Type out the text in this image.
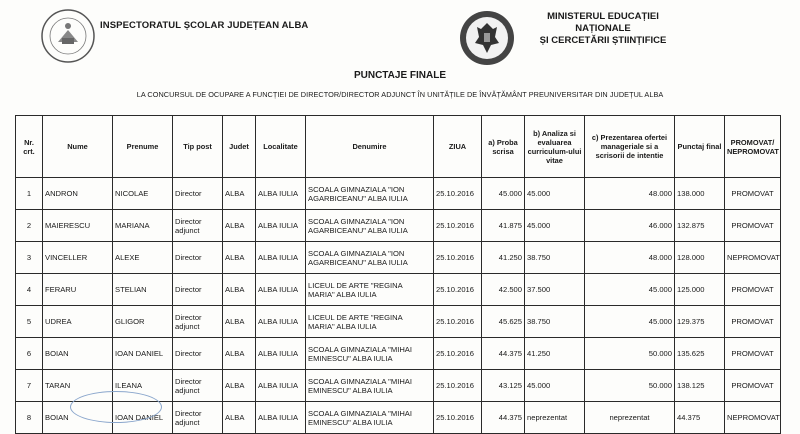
INSPECTORATUL ȘCOLAR JUDEȚEAN ALBA
MINISTERUL EDUCAȚIEI NAȚIONALE
ȘI CERCETĂRII ȘTIINȚIFICE
PUNCTAJE FINALE
LA CONCURSUL DE OCUPARE A FUNCȚIEI DE DIRECTOR/DIRECTOR ADJUNCT ÎN UNITĂȚILE DE ÎNVĂȚĂMÂNT PREUNIVERSITAR DIN JUDEȚUL ALBA
Nr. crt.	Nume	Prenume	Tip post	Judet	Localitate	Denumire	ZIUA	a) Proba scrisa	b) Analiza si evaluarea curriculum-ului vitae	c) Prezentarea ofertei manageriale si a scrisorii de intentie	Punctaj final	PROMOVAT/ NEPROMOVAT
1	ANDRON	NICOLAE	Director	ALBA	ALBA IULIA	SCOALA GIMNAZIALA "ION AGARBICEANU" ALBA IULIA	25.10.2016	45.000	45.000	48.000	138.000	PROMOVAT
2	MAIERESCU	MARIANA	Director adjunct	ALBA	ALBA IULIA	SCOALA GIMNAZIALA "ION AGARBICEANU" ALBA IULIA	25.10.2016	41.875	45.000	46.000	132.875	PROMOVAT
3	VINCELLER	ALEXE	Director	ALBA	ALBA IULIA	SCOALA GIMNAZIALA "ION AGARBICEANU" ALBA IULIA	25.10.2016	41.250	38.750	48.000	128.000	NEPROMOVAT
4	FERARU	STELIAN	Director	ALBA	ALBA IULIA	LICEUL DE ARTE "REGINA MARIA" ALBA IULIA	25.10.2016	42.500	37.500	45.000	125.000	PROMOVAT
5	UDREA	GLIGOR	Director adjunct	ALBA	ALBA IULIA	LICEUL DE ARTE "REGINA MARIA" ALBA IULIA	25.10.2016	45.625	38.750	45.000	129.375	PROMOVAT
6	BOIAN	IOAN DANIEL	Director	ALBA	ALBA IULIA	SCOALA GIMNAZIALA "MIHAI EMINESCU" ALBA IULIA	25.10.2016	44.375	41.250	50.000	135.625	PROMOVAT
7	TARAN	ILEANA	Director adjunct	ALBA	ALBA IULIA	SCOALA GIMNAZIALA "MIHAI EMINESCU" ALBA IULIA	25.10.2016	43.125	45.000	50.000	138.125	PROMOVAT
8	BOIAN	IOAN DANIEL	Director adjunct	ALBA	ALBA IULIA	SCOALA GIMNAZIALA "MIHAI EMINESCU" ALBA IULIA	25.10.2016	44.375	neprezentat	neprezentat	44.375	NEPROMOVAT
